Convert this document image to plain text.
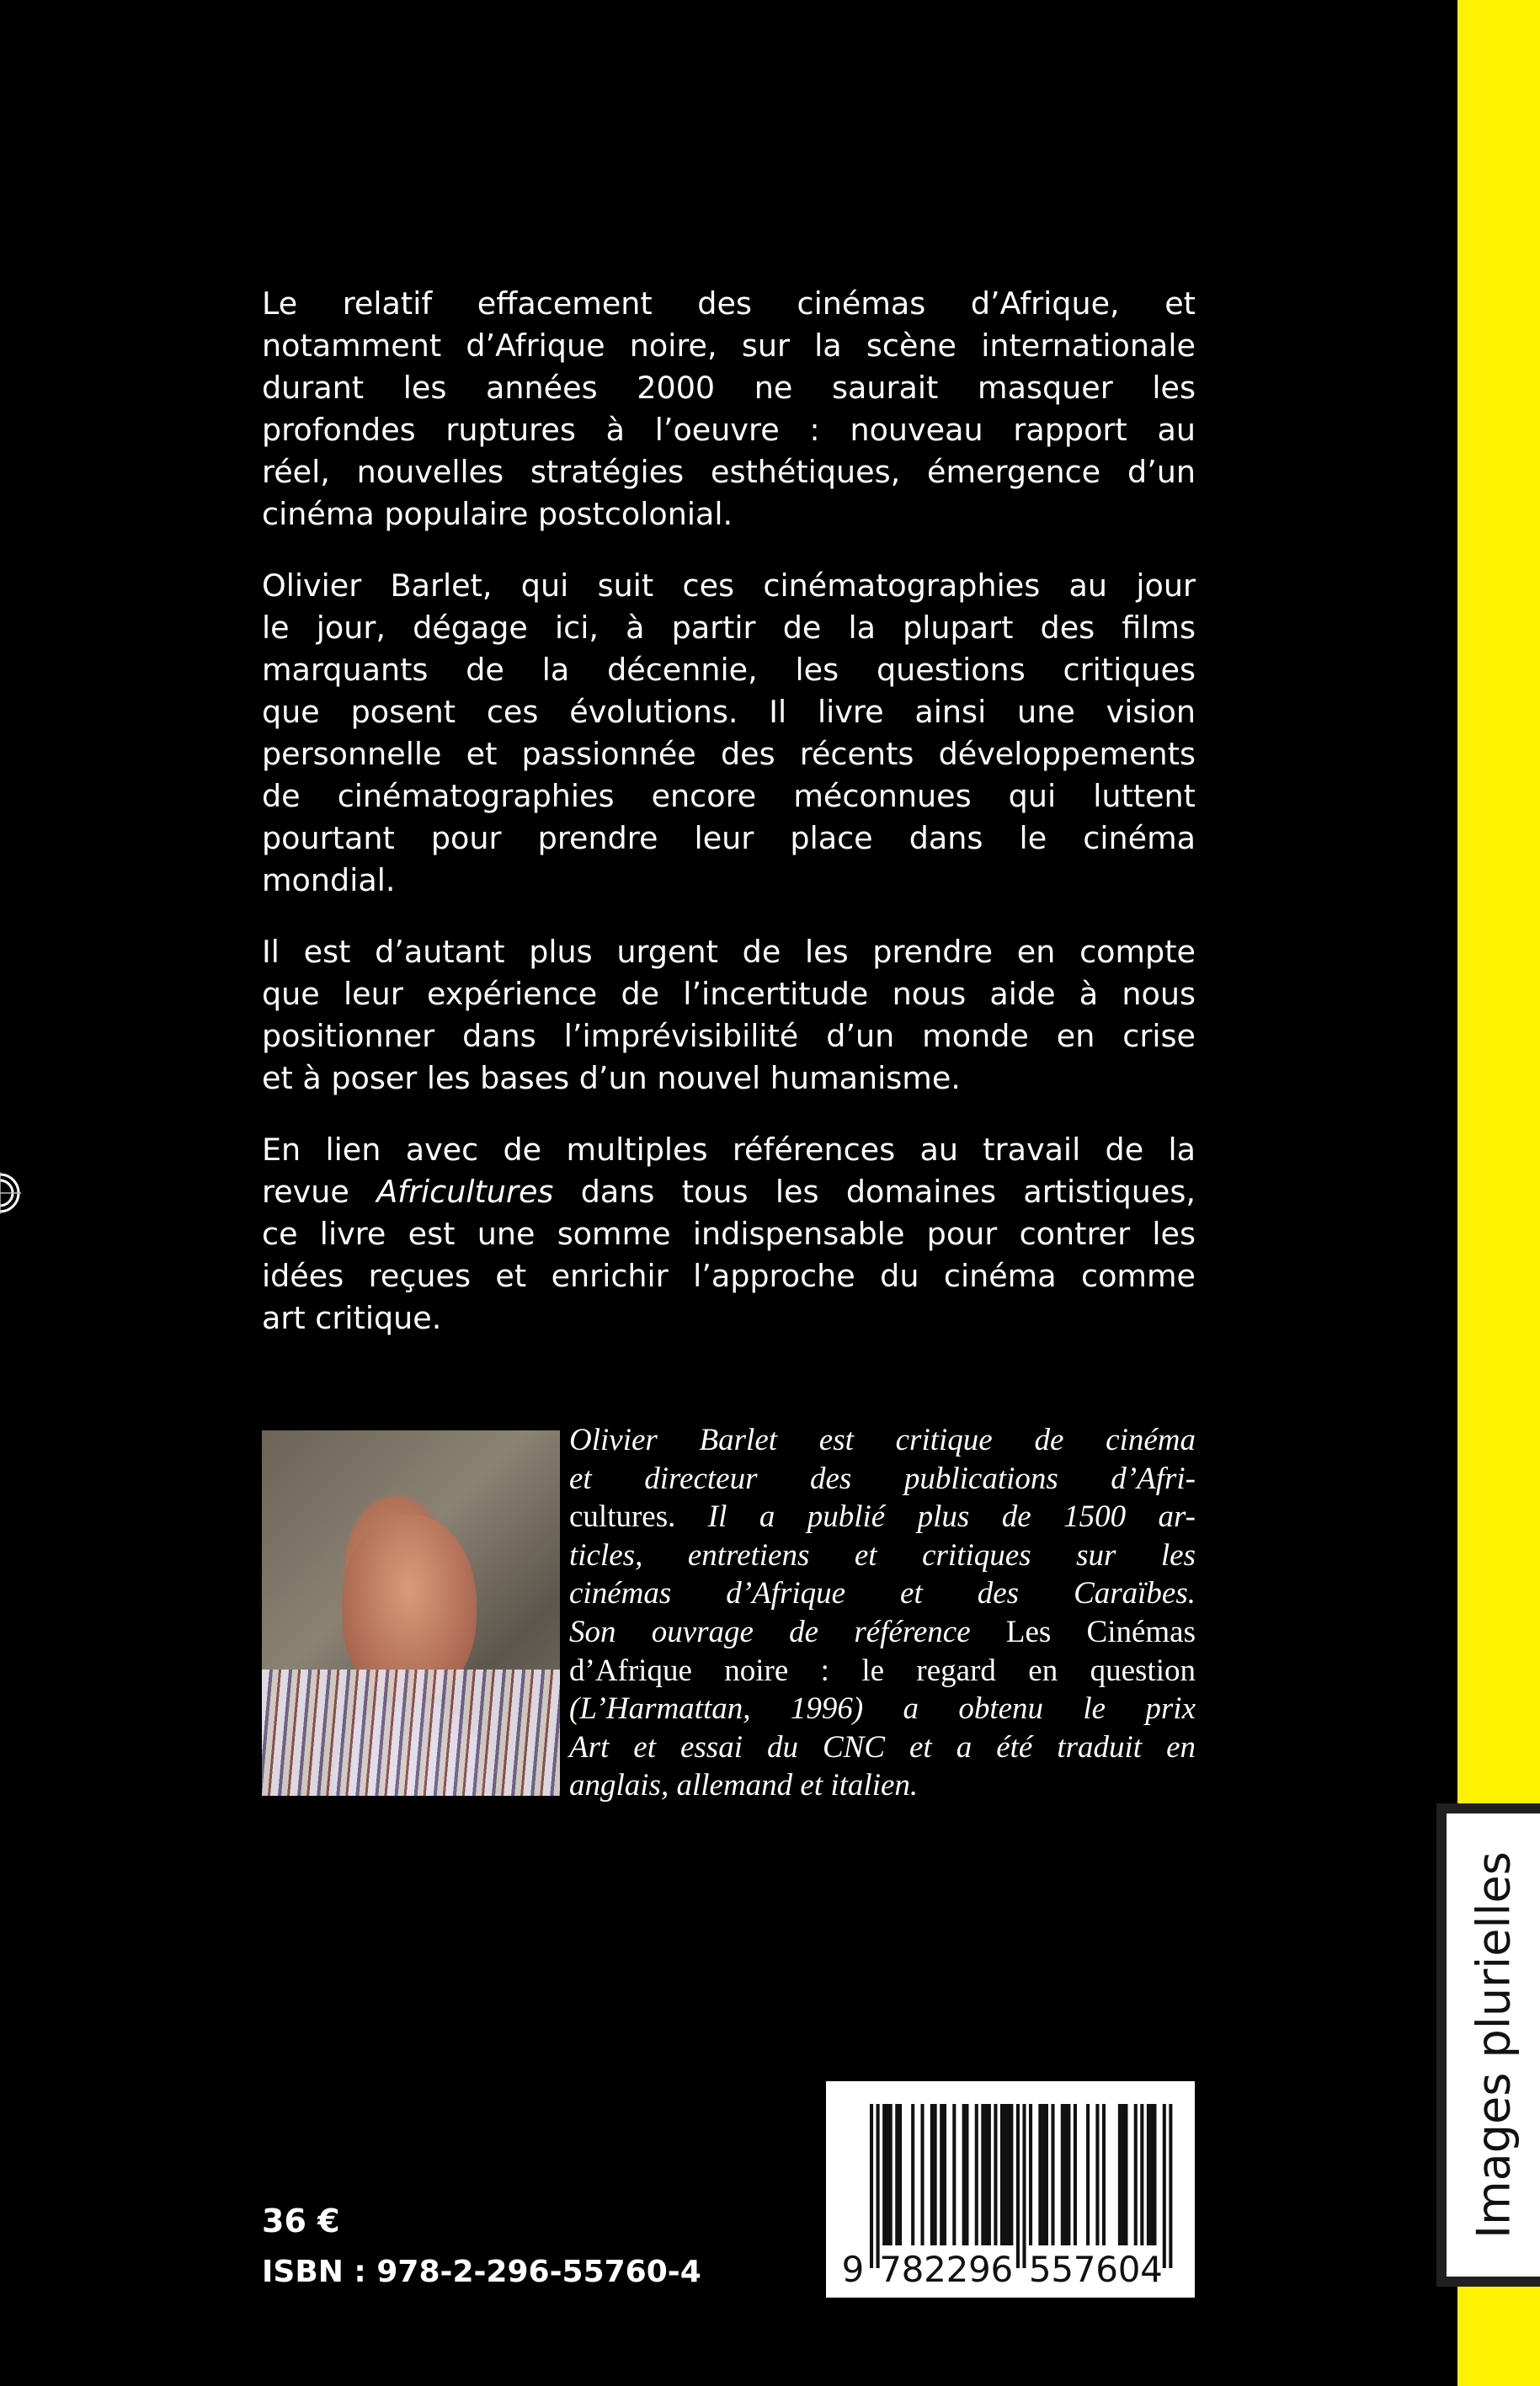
Images plurielles
Le relatif effacement des cinémas d’Afrique, et
notamment d’Afrique noire, sur la scène internationale
durant les années 2000 ne saurait masquer les
profondes ruptures à l’oeuvre : nouveau rapport au
réel, nouvelles stratégies esthétiques, émergence d’un
cinéma populaire postcolonial.
Olivier Barlet, qui suit ces cinématographies au jour
le jour, dégage ici, à partir de la plupart des films
marquants de la décennie, les questions critiques
que posent ces évolutions. Il livre ainsi une vision
personnelle et passionnée des récents développements
de cinématographies encore méconnues qui luttent
pourtant pour prendre leur place dans le cinéma
mondial.
Il est d’autant plus urgent de les prendre en compte
que leur expérience de l’incertitude nous aide à nous
positionner dans l’imprévisibilité d’un monde en crise
et à poser les bases d’un nouvel humanisme.
En lien avec de multiples références au travail de la
revue Africultures dans tous les domaines artistiques,
ce livre est une somme indispensable pour contrer les
idées reçues et enrichir l’approche du cinéma comme
art critique.
Olivier Barlet est critique de cinéma
et directeur des publications d’Afri-
cultures. Il a publié plus de 1500 ar-
ticles, entretiens et critiques sur les
cinémas d’Afrique et des Caraïbes.
Son ouvrage de référence Les Cinémas
d’Afrique noire : le regard en question
(L’Harmattan, 1996) a obtenu le prix
Art et essai du CNC et a été traduit en
anglais, allemand et italien.
36 €
ISBN : 978-2-296-55760-4	9 7 8 2 2 9 6 5 5 7 6 0 4
